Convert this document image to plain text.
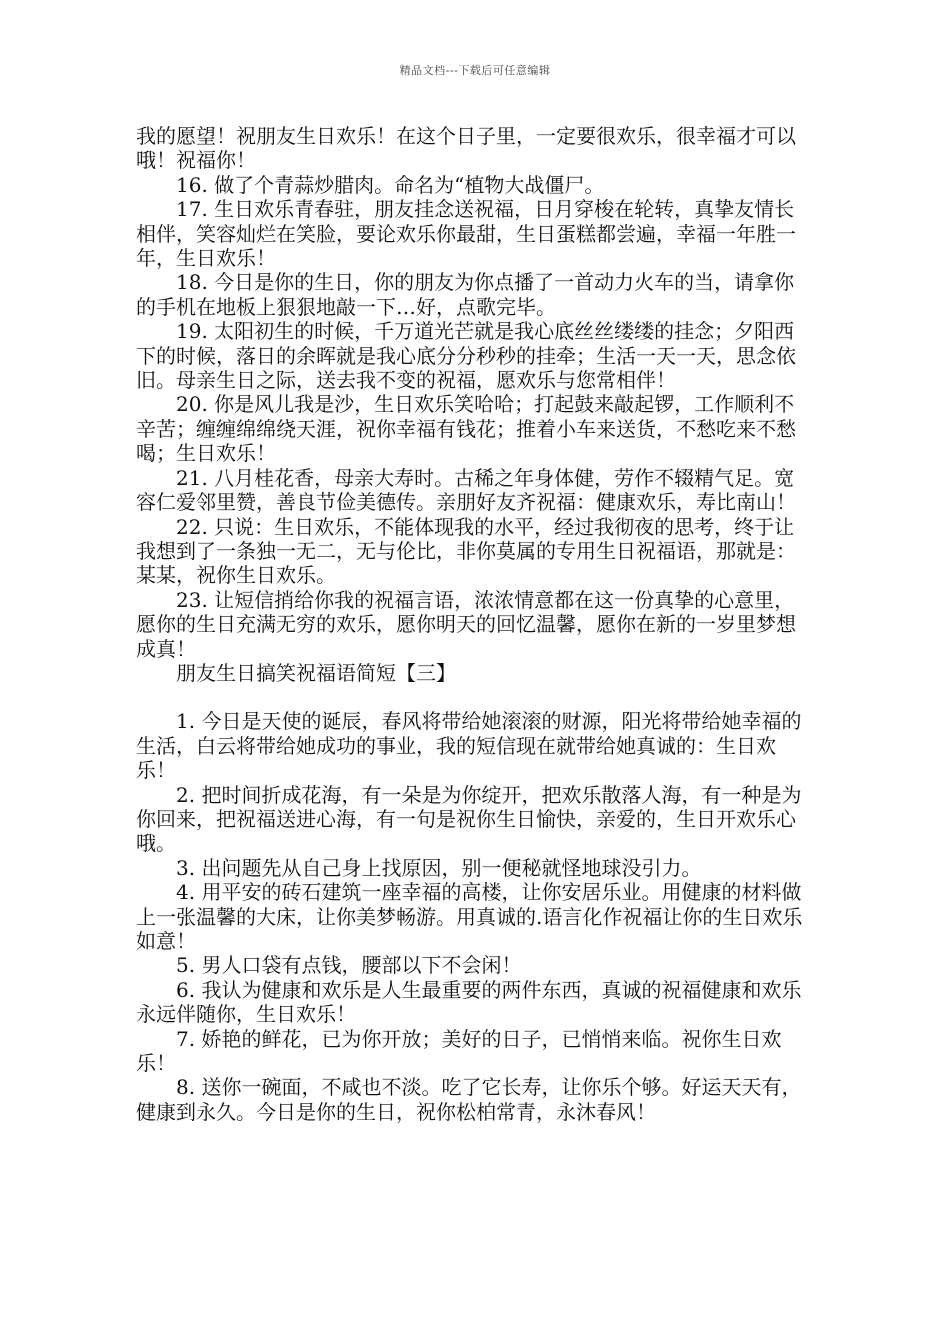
精品文档---下载后可任意编辑

我的愿望！祝朋友生日欢乐！在这个日子里，一定要很欢乐，很幸福才可以哦！祝福你！

16. 做了个青蒜炒腊肉。命名为“植物大战僵尸。

17. 生日欢乐青春驻，朋友挂念送祝福，日月穿梭在轮转，真挚友情长相伴，笑容灿烂在笑脸，要论欢乐你最甜，生日蛋糕都尝遍，幸福一年胜一年，生日欢乐！

18. 今日是你的生日，你的朋友为你点播了一首动力火车的当，请拿你的手机在地板上狠狠地敲一下…好，点歌完毕。

19. 太阳初生的时候，千万道光芒就是我心底丝丝缕缕的挂念；夕阳西下的时候，落日的余晖就是我心底分分秒秒的挂牵；生活一天一天，思念依旧。母亲生日之际，送去我不变的祝福，愿欢乐与您常相伴！

20. 你是风儿我是沙，生日欢乐笑哈哈；打起鼓来敲起锣，工作顺利不辛苦；缠缠绵绵绕天涯，祝你幸福有钱花；推着小车来送货，不愁吃来不愁喝；生日欢乐！

21. 八月桂花香，母亲大寿时。古稀之年身体健，劳作不辍精气足。宽容仁爱邻里赞，善良节俭美德传。亲朋好友齐祝福：健康欢乐，寿比南山！

22. 只说：生日欢乐，不能体现我的水平，经过我彻夜的思考，终于让我想到了一条独一无二，无与伦比，非你莫属的专用生日祝福语，那就是：某某，祝你生日欢乐。

23. 让短信捎给你我的祝福言语，浓浓情意都在这一份真挚的心意里，愿你的生日充满无穷的欢乐，愿你明天的回忆温馨，愿你在新的一岁里梦想成真！

朋友生日搞笑祝福语简短【三】

1. 今日是天使的诞辰，春风将带给她滚滚的财源，阳光将带给她幸福的生活，白云将带给她成功的事业，我的短信现在就带给她真诚的：生日欢乐！

2. 把时间折成花海，有一朵是为你绽开，把欢乐散落人海，有一种是为你回来，把祝福送进心海，有一句是祝你生日愉快，亲爱的，生日开欢乐心哦。

3. 出问题先从自己身上找原因，别一便秘就怪地球没引力。

4. 用平安的砖石建筑一座幸福的高楼，让你安居乐业。用健康的材料做上一张温馨的大床，让你美梦畅游。用真诚的.语言化作祝福让你的生日欢乐如意！

5. 男人口袋有点钱，腰部以下不会闲！

6. 我认为健康和欢乐是人生最重要的两件东西，真诚的祝福健康和欢乐永远伴随你，生日欢乐！

7. 娇艳的鲜花，已为你开放；美好的日子，已悄悄来临。祝你生日欢乐！

8. 送你一碗面，不咸也不淡。吃了它长寿，让你乐个够。好运天天有，健康到永久。今日是你的生日，祝你松柏常青，永沐春风！
